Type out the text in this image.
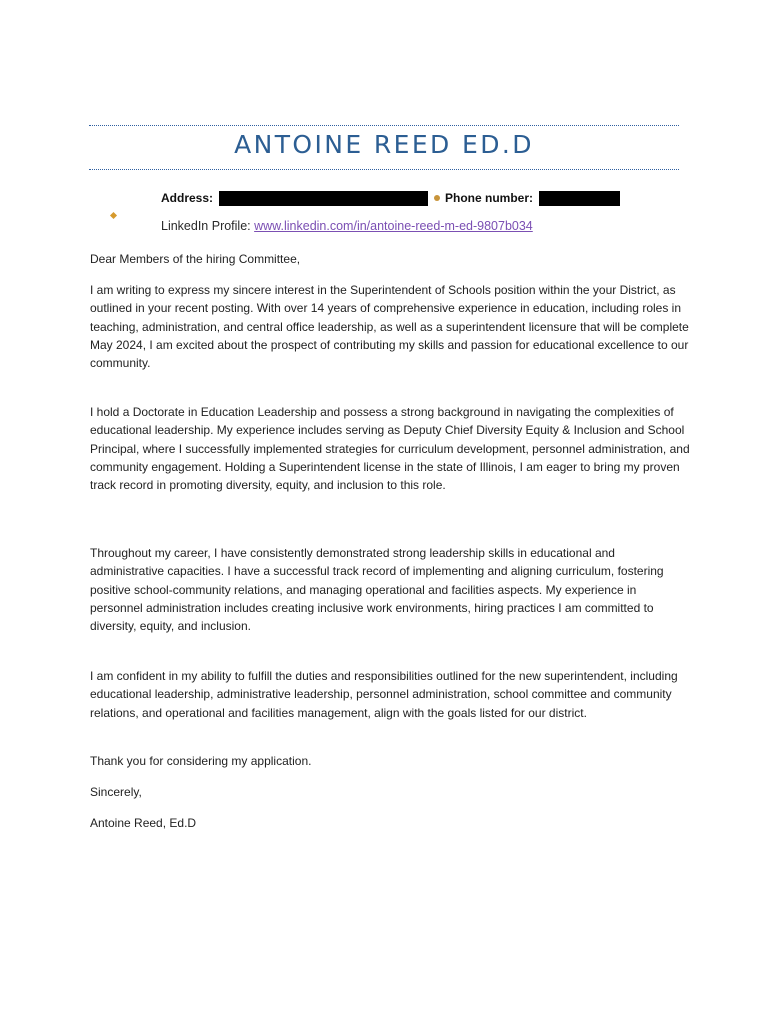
ANTOINE REED ED.D
Address:	Phone number:
LinkedIn Profile: www.linkedin.com/in/antoine-reed-m-ed-9807b034

Dear Members of the hiring Committee,

I am writing to express my sincere interest in the Superintendent of Schools position within the your District, as outlined in your recent posting. With over 14 years of comprehensive experience in education, including roles in teaching, administration, and central office leadership, as well as a superintendent licensure that will be complete May 2024, I am excited about the prospect of contributing my skills and passion for educational excellence to our community.

I hold a Doctorate in Education Leadership and possess a strong background in navigating the complexities of educational leadership. My experience includes serving as Deputy Chief Diversity Equity & Inclusion and School Principal, where I successfully implemented strategies for curriculum development, personnel administration, and community engagement. Holding a Superintendent license in the state of Illinois, I am eager to bring my proven track record in promoting diversity, equity, and inclusion to this role.

Throughout my career, I have consistently demonstrated strong leadership skills in educational and administrative capacities. I have a successful track record of implementing and aligning curriculum, fostering positive school-community relations, and managing operational and facilities aspects. My experience in personnel administration includes creating inclusive work environments, hiring practices I am committed to diversity, equity, and inclusion.

I am confident in my ability to fulfill the duties and responsibilities outlined for the new superintendent, including educational leadership, administrative leadership, personnel administration, school committee and community relations, and operational and facilities management, align with the goals listed for our district.

Thank you for considering my application.

Sincerely,

Antoine Reed, Ed.D
